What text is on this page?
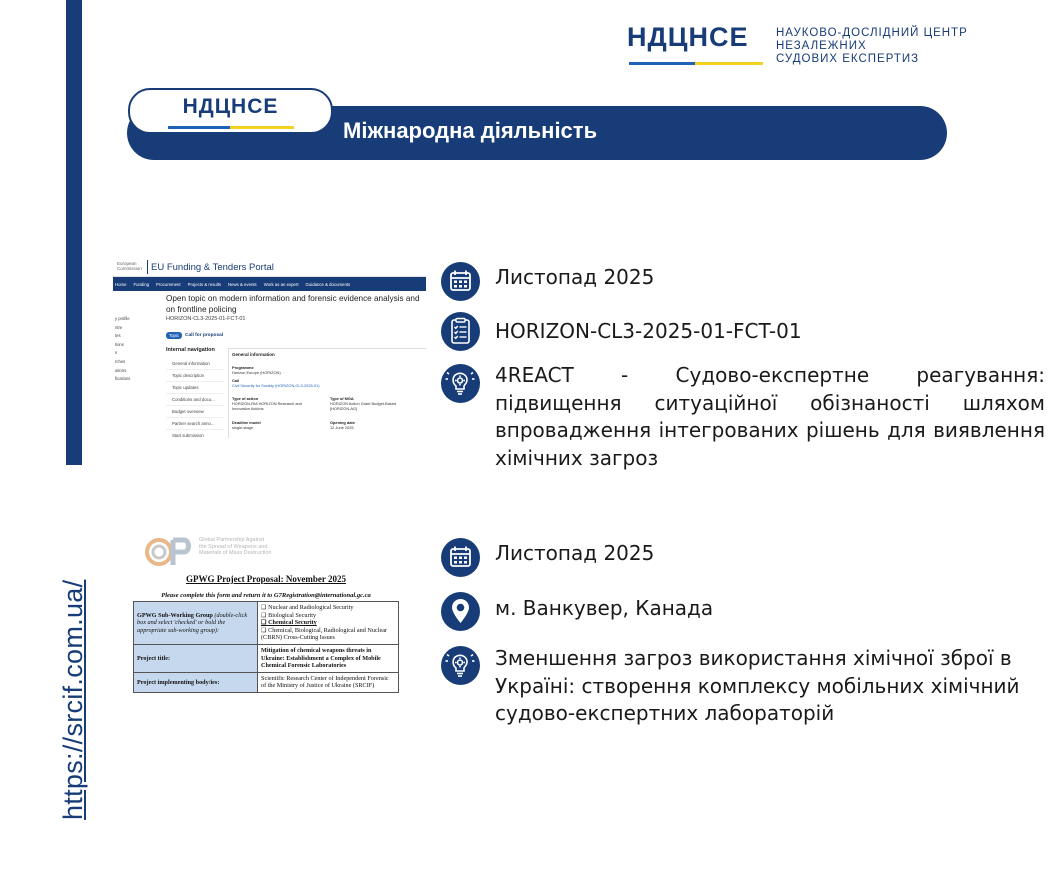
https://srcif.com.ua/
НДЦНСЕ НАУКОВО-ДОСЛІДНИЙ ЦЕНТР
НЕЗАЛЕЖНИХ
СУДОВИХ ЕКСПЕРТИЗ
Міжнародна діяльність
НДЦНСЕ
European Commission EU Funding & Tenders Portal
Home Funding Procurement Projects & results News & events Work as an expert Guidance & documents
Open topic on modern information and forensic evidence analysis and on frontline policing
HORIZON-CL3-2025-01-FCT-01
Topic	Call for proposal
y profile
ntre
tes
tions
s
rches
ations
fications
Internal navigation
General information
Topic description
Topic updates
Conditions and docu...
Budget overview
Partner search anno...
Start submission
General information
Programme
Horizon Europe (HORIZON)
Call
Civil Security for Society (HORIZON-CL3-2025-01)
Type of action
HORIZON-RIA HORIZON Research and
Innovation Actions
Type of MGA
HORIZON Action Grant Budget-Based
[HORIZON-AG]
Deadline model
single-stage
Opening date
12 June 2025
Листопад 2025
HORIZON-CL3-2025-01-FCT-01
4REACT - Судово-експертне реагування: підвищення ситуаційної обізнаності шляхом впровадження інтегрованих рішень для виявлення хімічних загроз
Global Partnership Against
the Spread of Weapons and
Materials of Mass Destruction
GPWG Project Proposal: November 2025
Please complete this form and return it to G7Registration@international.gc.ca
GPWG Sub-Working Group (double-click box and select 'checked' or bold the appropriate sub-working group):	❑ Nuclear and Radiological Security
❑ Biological Security
❑ Chemical Security
❑ Chemical, Biological, Radiological and Nuclear (CBRN) Cross-Cutting Issues

Project title:	Mitigation of chemical weapons threats in Ukraine: Establishment a Complex of Mobile Chemical Forensic Laboratories
Project implementing body/ies:	Scientific Research Center of Independent Forensic of the Ministry of Justice of Ukraine (SRCIF)
Листопад 2025
м. Ванкувер, Канада
Зменшення загроз використання хімічної зброї в Україні: створення комплексу мобільних хімічний судово-експертних лабораторій
